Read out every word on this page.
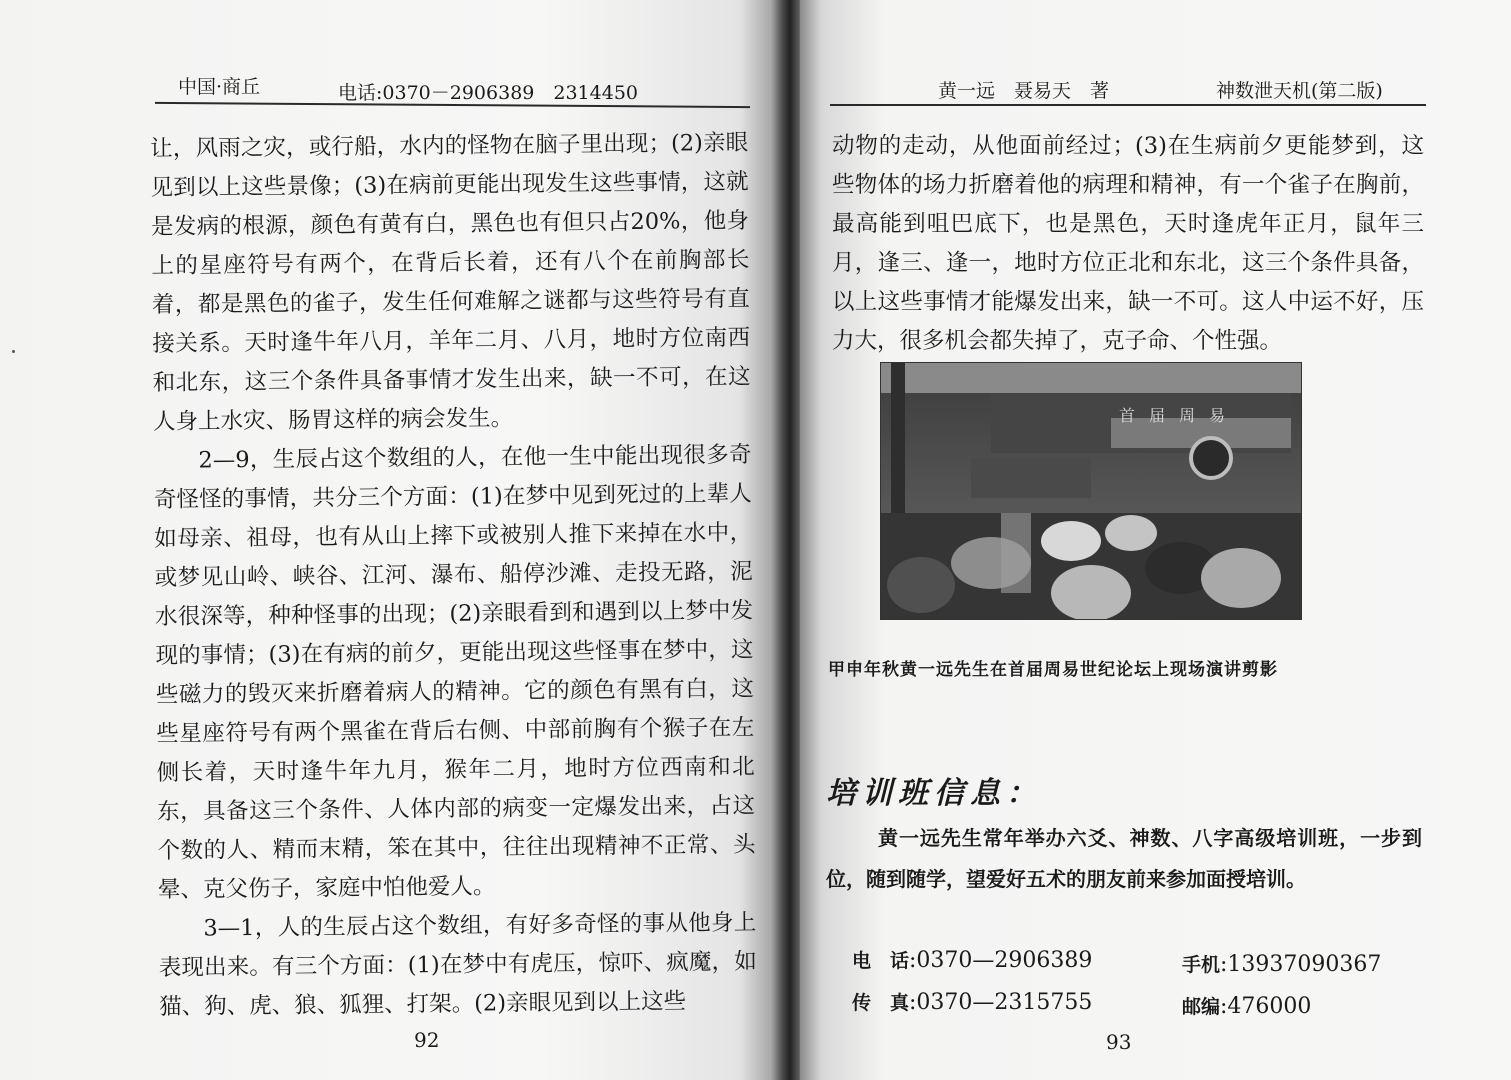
中国·商丘	电话:0370－2906389　2314450

让，风雨之灾，或行船，水内的怪物在脑子里出现；(2)亲眼见到以上这些景像；(3)在病前更能出现发生这些事情，这就是发病的根源，颜色有黄有白，黑色也有但只占20%，他身上的星座符号有两个，在背后长着，还有八个在前胸部长着，都是黑色的雀子，发生任何难解之谜都与这些符号有直接关系。天时逢牛年八月，羊年二月、八月，地时方位南西和北东，这三个条件具备事情才发生出来，缺一不可，在这人身上水灾、肠胃这样的病会发生。

2—9，生辰占这个数组的人，在他一生中能出现很多奇奇怪怪的事情，共分三个方面：(1)在梦中见到死过的上辈人如母亲、祖母，也有从山上摔下或被别人推下来掉在水中，或梦见山岭、峡谷、江河、瀑布、船停沙滩、走投无路，泥水很深等，种种怪事的出现；(2)亲眼看到和遇到以上梦中发现的事情；(3)在有病的前夕，更能出现这些怪事在梦中，这些磁力的毁灭来折磨着病人的精神。它的颜色有黑有白，这些星座符号有两个黑雀在背后右侧、中部前胸有个猴子在左侧长着，天时逢牛年九月，猴年二月，地时方位西南和北东，具备这三个条件、人体内部的病变一定爆发出来，占这个数的人、精而末精，笨在其中，往往出现精神不正常、头晕、克父伤子，家庭中怕他爱人。

3—1，人的生辰占这个数组，有好多奇怪的事从他身上表现出来。有三个方面：(1)在梦中有虎压，惊吓、疯魔，如猫、狗、虎、狼、狐狸、打架。(2)亲眼见到以上这些

92
黄一远　聂易天　著	神数泄天机(第二版)

动物的走动，从他面前经过；(3)在生病前夕更能梦到，这些物体的场力折磨着他的病理和精神，有一个雀子在胸前，最高能到咀巴底下，也是黑色，天时逢虎年正月，鼠年三月，逢三、逢一，地时方位正北和东北，这三个条件具备，以上这些事情才能爆发出来，缺一不可。这人中运不好，压力大，很多机会都失掉了，克子命、个性强。

93
首届周易
甲申年秋黄一远先生在首届周易世纪论坛上现场演讲剪影
培训班信息：

黄一远先生常年举办六爻、神数、八字高级培训班，一步到位，随到随学，望爱好五术的朋友前来参加面授培训。

电　话:0370—2906389	手机:13937090367
传　真:0370—2315755	邮编:476000
